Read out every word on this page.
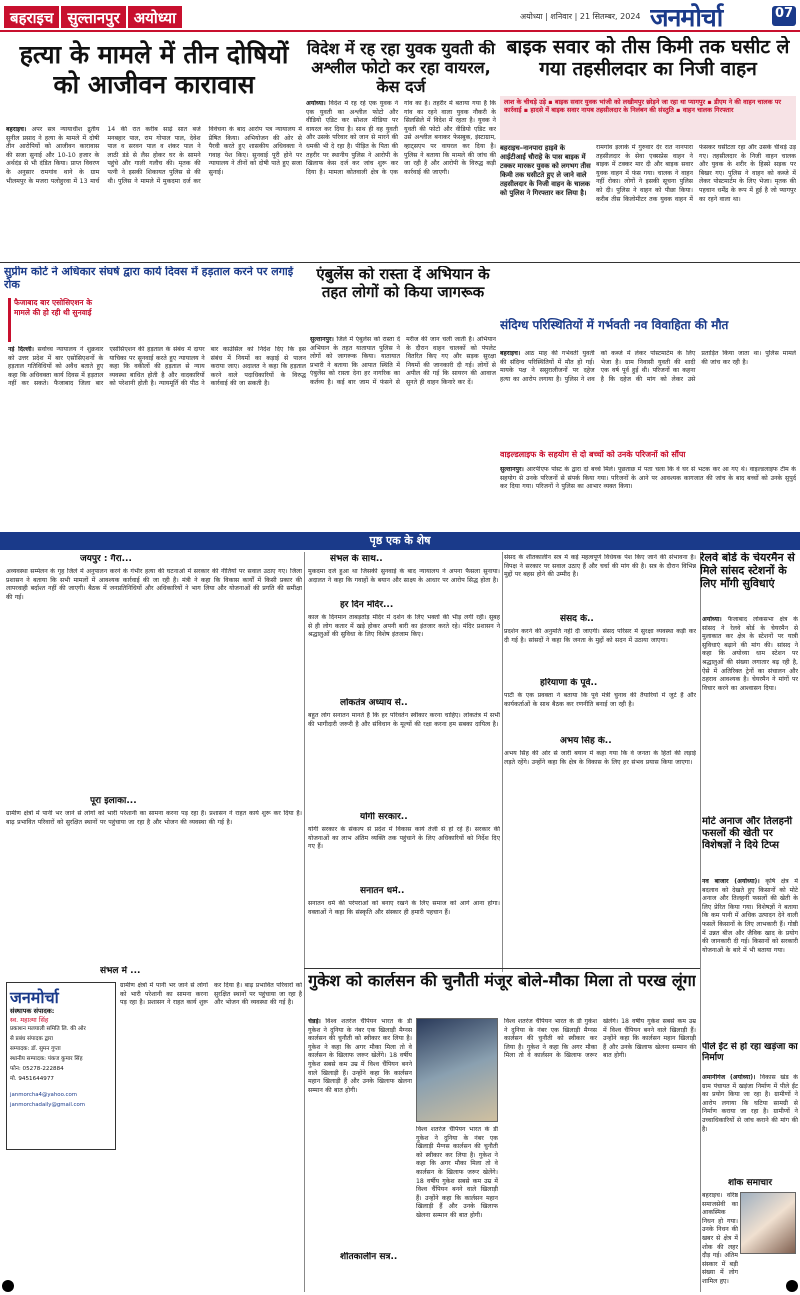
बहराइच सुल्तानपुर अयोध्या	अयोध्या | शनिवार | 21 सितम्बर, 2024 जनमोर्चा	07
हत्या के मामले में तीन दोषियों को आजीवन कारावास
बहराइच। अपर सत्र न्यायाधीश द्रुतीय सुनील प्रसाद ने हत्या के मामले में दोषी तीन आरोपियों को आजीवन कारावास की सजा सुनाई और 10-10 हजार के अर्थदंड से भी दंडित किया। प्राप्त विवरण के अनुसार रामगांव थाने के ग्राम भीलमपुर के मजरा पलोहुरवा में 13 मार्च 14 की रात करीब साढ़े सात बजे मनबहार पाल, राम गोपाल पाल, देवेश पाल व सरवन पाल व शंकर पाल ने लाठी डंडे से लैस होकर घर के सामने पहुंचे और गाली गलौच की। मृतक की पत्नी ने इसकी शिकायत पुलिस से की थी। पुलिस ने मामले में मुकदमा दर्ज कर विवेचना के बाद आरोप पत्र न्यायालय में प्रेषित किया। अभियोजन की ओर से पैरवी करते हुए शासकीय अधिवक्ता ने गवाह पेश किए। सुनवाई पूरी होने पर न्यायालय ने तीनों को दोषी पाते हुए सजा सुनाई।
विदेश में रह रहा युवक युवती की अश्लील फोटो कर रहा वायरल, केस दर्ज
अयोध्या। विदेश में रह रहे एक युवक ने एक युवती का अश्लील फोटो और वीडियो एडिट कर सोशल मीडिया पर वायरल कर दिया है। साथ ही वह युवती और उसके परिवार को जान से मारने की धमकी भी दे रहा है। पीड़ित के पिता की तहरीर पर स्थानीय पुलिस ने आरोपी के खिलाफ केस दर्ज कर जांच शुरू कर दिया है। मामला कोतवाली क्षेत्र के एक गांव का है। तहरीर में बताया गया है कि गांव का रहने वाला युवक नौकरी के सिलसिले में विदेश में रहता है। युवक ने युवती की फोटो और वीडियो एडिट कर उसे अश्लील बनाकर फेसबुक, इंस्टाग्राम, व्हाट्सएप पर वायरल कर दिया है। पुलिस ने बताया कि मामले की जांच की जा रही है और आरोपी के विरुद्ध कड़ी कार्रवाई की जाएगी।
बाइक सवार को तीस किमी तक घसीट ले गया तहसीलदार का निजी वाहन
लाश के चीथड़े उड़े ▪ बाइक सवार युवक भांजी को लखीमपुर छोड़ने जा रहा था प्यागपुर ▪ डीएम ने की वाहन चालक पर कार्रवाई ▪ हादसे में बाइक सवार नायब तहसीलदार के निलंबन की संस्तुति ▪ वाहन चालक गिरफ्तार
बहराइच–नानपारा हाइवे के आईटीआई चौराहे के पास बाइक में टक्कर मारकर युवक को लगभग तीस किमी तक घसीटते हुए ले जाने वाले तहसीलदार के निजी वाहन के चालक को पुलिस ने गिरफ्तार कर लिया है।
रामगांव इलाके में गुरुवार देर रात नानपारा तहसीलदार के सेवा एक्सप्रेस वाहन ने बाइक में टक्कर मार दी और बाइक सवार युवक वाहन में फंस गया। चालक ने वाहन नहीं रोका। लोगों ने इसकी सूचना पुलिस को दी। पुलिस ने वाहन को पीछा किया। करीब तीस किलोमीटर तक युवक वाहन में फंसकर घसीटता रहा और उसके चीथड़े उड़ गए। तहसीलदार के निजी वाहन चालक और युवक के शरीर के हिस्से सड़क पर बिखर गए। पुलिस ने वाहन को कब्जे में लेकर पोस्टमार्टम के लिए भेजा। मृतक की पहचान धर्मेंद्र के रूप में हुई है जो प्यागपुर का रहने वाला था।
सुप्रीम कोर्ट ने अधिकार संघर्ष द्वारा कार्य दिवस में हड़ताल करने पर लगाई रोक
फैजाबाद बार एसोसिएशन के मामले की हो रही थी सुनवाई
नई दिल्ली। सर्वोच्च न्यायालय ने शुक्रवार को उत्तर प्रदेश में बार एसोसिएशनों के हड़ताल गतिविधियों को अवैध बताते हुए कहा कि अधिवक्ता कार्य दिवस में हड़ताल नहीं कर सकते। फैजाबाद जिला बार एसोसिएशन की हड़ताल के संबंध में दायर याचिका पर सुनवाई करते हुए न्यायालय ने कहा कि वकीलों की हड़ताल से न्याय व्यवस्था बाधित होती है और वादकारियों को परेशानी होती है। न्यायमूर्ति की पीठ ने बार काउंसिल को निर्देश दिए कि इस संबंध में नियमों का कड़ाई से पालन कराया जाए। अदालत ने कहा कि हड़ताल करने वाले पदाधिकारियों के विरुद्ध कार्रवाई की जा सकती है।
एंबुलेंस को रास्ता दें अभियान के तहत लोगों को किया जागरूक
सुल्तानपुर। जिले में एंबुलेंस को रास्ता दें अभियान के तहत यातायात पुलिस ने लोगों को जागरूक किया। यातायात प्रभारी ने बताया कि आपात स्थिति में एंबुलेंस को रास्ता देना हर नागरिक का कर्तव्य है। कई बार जाम में फंसने से मरीज की जान चली जाती है। अभियान के दौरान वाहन चालकों को पंपलेट वितरित किए गए और सड़क सुरक्षा नियमों की जानकारी दी गई। लोगों से अपील की गई कि सायरन की आवाज सुनते ही वाहन किनारे कर दें।
संदिग्ध परिस्थितियों में गर्भवती नव विवाहिता की मौत
बहराइच। आठ माह की गर्भवती युवती की संदिग्ध परिस्थितियों में मौत हो गई। मायके पक्ष ने ससुरालीजनों पर दहेज हत्या का आरोप लगाया है। पुलिस ने शव को कब्जे में लेकर पोस्टमार्टम के लिए भेजा है। ग्राम निवासी युवती की शादी एक वर्ष पूर्व हुई थी। परिजनों का कहना है कि दहेज की मांग को लेकर उसे प्रताड़ित किया जाता था। पुलिस मामले की जांच कर रही है।
वाइल्डलाइफ के सहयोग से दो बच्चों को उनके परिजनों को सौंपा
सुल्तानपुर। आरपीएफ पोस्ट के द्वारा दो बच्चे मिले। पूछताछ में पता चला कि वे घर से भटक कर आ गए थे। वाइल्डलाइफ टीम के सहयोग से उनके परिजनों से संपर्क किया गया। परिजनों के आने पर आवश्यक कागजात की जांच के बाद बच्चों को उनके सुपुर्द कर दिया गया। परिजनों ने पुलिस का आभार व्यक्त किया।
पृष्ठ एक के शेष
जयपुर : गैरा...
अव्यवस्था सम्मेलन के गृह जिले में अनुपालन करने के गंभीर हत्या की घटनाओं में सरकार की नीतियों पर सवाल उठाए गए। जिला प्रशासन ने बताया कि सभी मामलों में आवश्यक कार्रवाई की जा रही है। मंत्री ने कहा कि विकास कार्यों में किसी प्रकार की लापरवाही बर्दाश्त नहीं की जाएगी। बैठक में जनप्रतिनिधियों और अधिकारियों ने भाग लिया और योजनाओं की प्रगति की समीक्षा की गई।
पूरा इलाका...
ग्रामीण क्षेत्रों में पानी भर जाने से लोगों को भारी परेशानी का सामना करना पड़ रहा है। प्रशासन ने राहत कार्य शुरू कर दिया है। बाढ़ प्रभावित परिवारों को सुरक्षित स्थानों पर पहुंचाया जा रहा है और भोजन की व्यवस्था की गई है।
संभल में ...
जनमोर्चा
संस्थापक संपादक:
स्व. महात्मा सिंह
प्रकाशन मलयाली समिति लि. की ओर
से प्रबंध संपादक द्वारा
सम्पादक: डॉ. सुमन गुप्ता
स्थानीय सम्पादक: पंकज कुमार सिंह
फोन: 05278-222884
मो. 9451644977
janmorcha4@yahoo.com
janmorchadaily@gmail.com
ग्रामीण क्षेत्रों में पानी भर जाने से लोगों को भारी परेशानी का सामना करना पड़ रहा है। प्रशासन ने राहत कार्य शुरू कर दिया है। बाढ़ प्रभावित परिवारों को सुरक्षित स्थानों पर पहुंचाया जा रहा है और भोजन की व्यवस्था की गई है।
संभल के साथ..
मुकदमा दर्ज हुआ था जिसकी सुनवाई के बाद न्यायालय ने अपना फैसला सुनाया। अदालत ने कहा कि गवाहों के बयान और साक्ष्य के आधार पर आरोप सिद्ध होता है।
हर दिन मंदिर...
काल के दिनमान ताबड़तोड़ मंदिर में दर्शन के लिए भक्तों की भीड़ लगी रही। सुबह से ही लोग कतार में खड़े होकर अपनी बारी का इंतजार करते रहे। मंदिर प्रशासन ने श्रद्धालुओं की सुविधा के लिए विशेष इंतजाम किए।
लोकतंत्र अध्याय से..
बहुत लोग सनातन मानते हैं कि हर परिवर्तन स्वीकार करना चाहिए। लोकतंत्र में सभी की भागीदारी जरूरी है और संविधान के मूल्यों की रक्षा करना हम सबका दायित्व है।
योगी सरकार..
योगी सरकार के संकल्प से प्रदेश में विकास कार्य तेजी से हो रहे हैं। सरकार की योजनाओं का लाभ अंतिम व्यक्ति तक पहुंचाने के लिए अधिकारियों को निर्देश दिए गए हैं।
सनातन धर्म..
सनातन धर्म की परंपराओं को बनाए रखने के लिए समाज को आगे आना होगा। वक्ताओं ने कहा कि संस्कृति और संस्कार ही हमारी पहचान हैं।
संसद के शीतकालीन सत्र में कई महत्वपूर्ण विधेयक पेश किए जाने की संभावना है। विपक्ष ने सरकार पर सवाल उठाए हैं और चर्चा की मांग की है। सत्र के दौरान विभिन्न मुद्दों पर बहस होने की उम्मीद है।
संसद के..
प्रदर्शन करने की अनुमति नहीं दी जाएगी। संसद परिसर में सुरक्षा व्यवस्था कड़ी कर दी गई है। सांसदों ने कहा कि जनता के मुद्दों को सदन में उठाया जाएगा।
हरियाणा के पूर्व..
पार्टी के एक प्रवक्ता ने बताया कि पूर्व मंत्री चुनाव की तैयारियों में जुटे हैं और कार्यकर्ताओं के साथ बैठक कर रणनीति बनाई जा रही है।
अभय सिंह के..
अभय सिंह की ओर से जारी बयान में कहा गया कि वे जनता के हितों की लड़ाई लड़ते रहेंगे। उन्होंने कहा कि क्षेत्र के विकास के लिए हर संभव प्रयास किया जाएगा।
शीतकालीन सत्र..
गुकेश को कार्लसन की चुनौती मंजूर बोले-मौका मिला तो परख लूंगा
चेन्नई। विश्व शतरंज चैंपियन भारत के डी गुकेश ने दुनिया के नंबर एक खिलाड़ी मैग्नस कार्लसन की चुनौती को स्वीकार कर लिया है। गुकेश ने कहा कि अगर मौका मिला तो वे कार्लसन के खिलाफ जरूर खेलेंगे। 18 वर्षीय गुकेश सबसे कम उम्र में विश्व चैंपियन बनने वाले खिलाड़ी हैं। उन्होंने कहा कि कार्लसन महान खिलाड़ी हैं और उनके खिलाफ खेलना सम्मान की बात होगी।
विश्व शतरंज चैंपियन भारत के डी गुकेश ने दुनिया के नंबर एक खिलाड़ी मैग्नस कार्लसन की चुनौती को स्वीकार कर लिया है। गुकेश ने कहा कि अगर मौका मिला तो वे कार्लसन के खिलाफ जरूर खेलेंगे। 18 वर्षीय गुकेश सबसे कम उम्र में विश्व चैंपियन बनने वाले खिलाड़ी हैं। उन्होंने कहा कि कार्लसन महान खिलाड़ी हैं और उनके खिलाफ खेलना सम्मान की बात होगी।
विश्व शतरंज चैंपियन भारत के डी गुकेश ने दुनिया के नंबर एक खिलाड़ी मैग्नस कार्लसन की चुनौती को स्वीकार कर लिया है। गुकेश ने कहा कि अगर मौका मिला तो वे कार्लसन के खिलाफ जरूर खेलेंगे। 18 वर्षीय गुकेश सबसे कम उम्र में विश्व चैंपियन बनने वाले खिलाड़ी हैं। उन्होंने कहा कि कार्लसन महान खिलाड़ी हैं और उनके खिलाफ खेलना सम्मान की बात होगी।
रेलवे बोर्ड के चेयरमैन से मिले सांसद स्टेशनों के लिए माँगी सुविधाएं
अयोध्या। फैजाबाद लोकसभा क्षेत्र के सांसद ने रेलवे बोर्ड के चेयरमैन से मुलाकात कर क्षेत्र के स्टेशनों पर यात्री सुविधाएं बढ़ाने की मांग की। सांसद ने कहा कि अयोध्या धाम स्टेशन पर श्रद्धालुओं की संख्या लगातार बढ़ रही है, ऐसे में अतिरिक्त ट्रेनों का संचालन और ठहराव आवश्यक है। चेयरमैन ने मांगों पर विचार करने का आश्वासन दिया।
मोटे अनाज और तिलहनी फसलों की खेती पर विशेषज्ञों ने दिये टिप्स
नव बाजार (अयोध्या)। कृषि क्षेत्र में बदलाव को देखते हुए किसानों को मोटे अनाज और तिलहनी फसलों की खेती के लिए प्रेरित किया गया। विशेषज्ञों ने बताया कि कम पानी में अधिक उत्पादन देने वाली फसलें किसानों के लिए लाभकारी हैं। गोष्ठी में उन्नत बीज और जैविक खाद के प्रयोग की जानकारी दी गई। किसानों को सरकारी योजनाओं के बारे में भी बताया गया।
पीले ईंट से हो रहा खड़ंजा का निर्माण
अमानीगंज (अयोध्या)। विकास खंड के ग्राम पंचायत में खड़ंजा निर्माण में पीले ईंट का प्रयोग किया जा रहा है। ग्रामीणों ने आरोप लगाया कि घटिया सामग्री से निर्माण कराया जा रहा है। ग्रामीणों ने उच्चाधिकारियों से जांच कराने की मांग की है।
शोक समाचार
बहराइच। वरिष्ठ समाजसेवी का आकस्मिक निधन हो गया। उनके निधन की खबर से क्षेत्र में शोक की लहर दौड़ गई। अंतिम संस्कार में बड़ी संख्या में लोग शामिल हुए।
